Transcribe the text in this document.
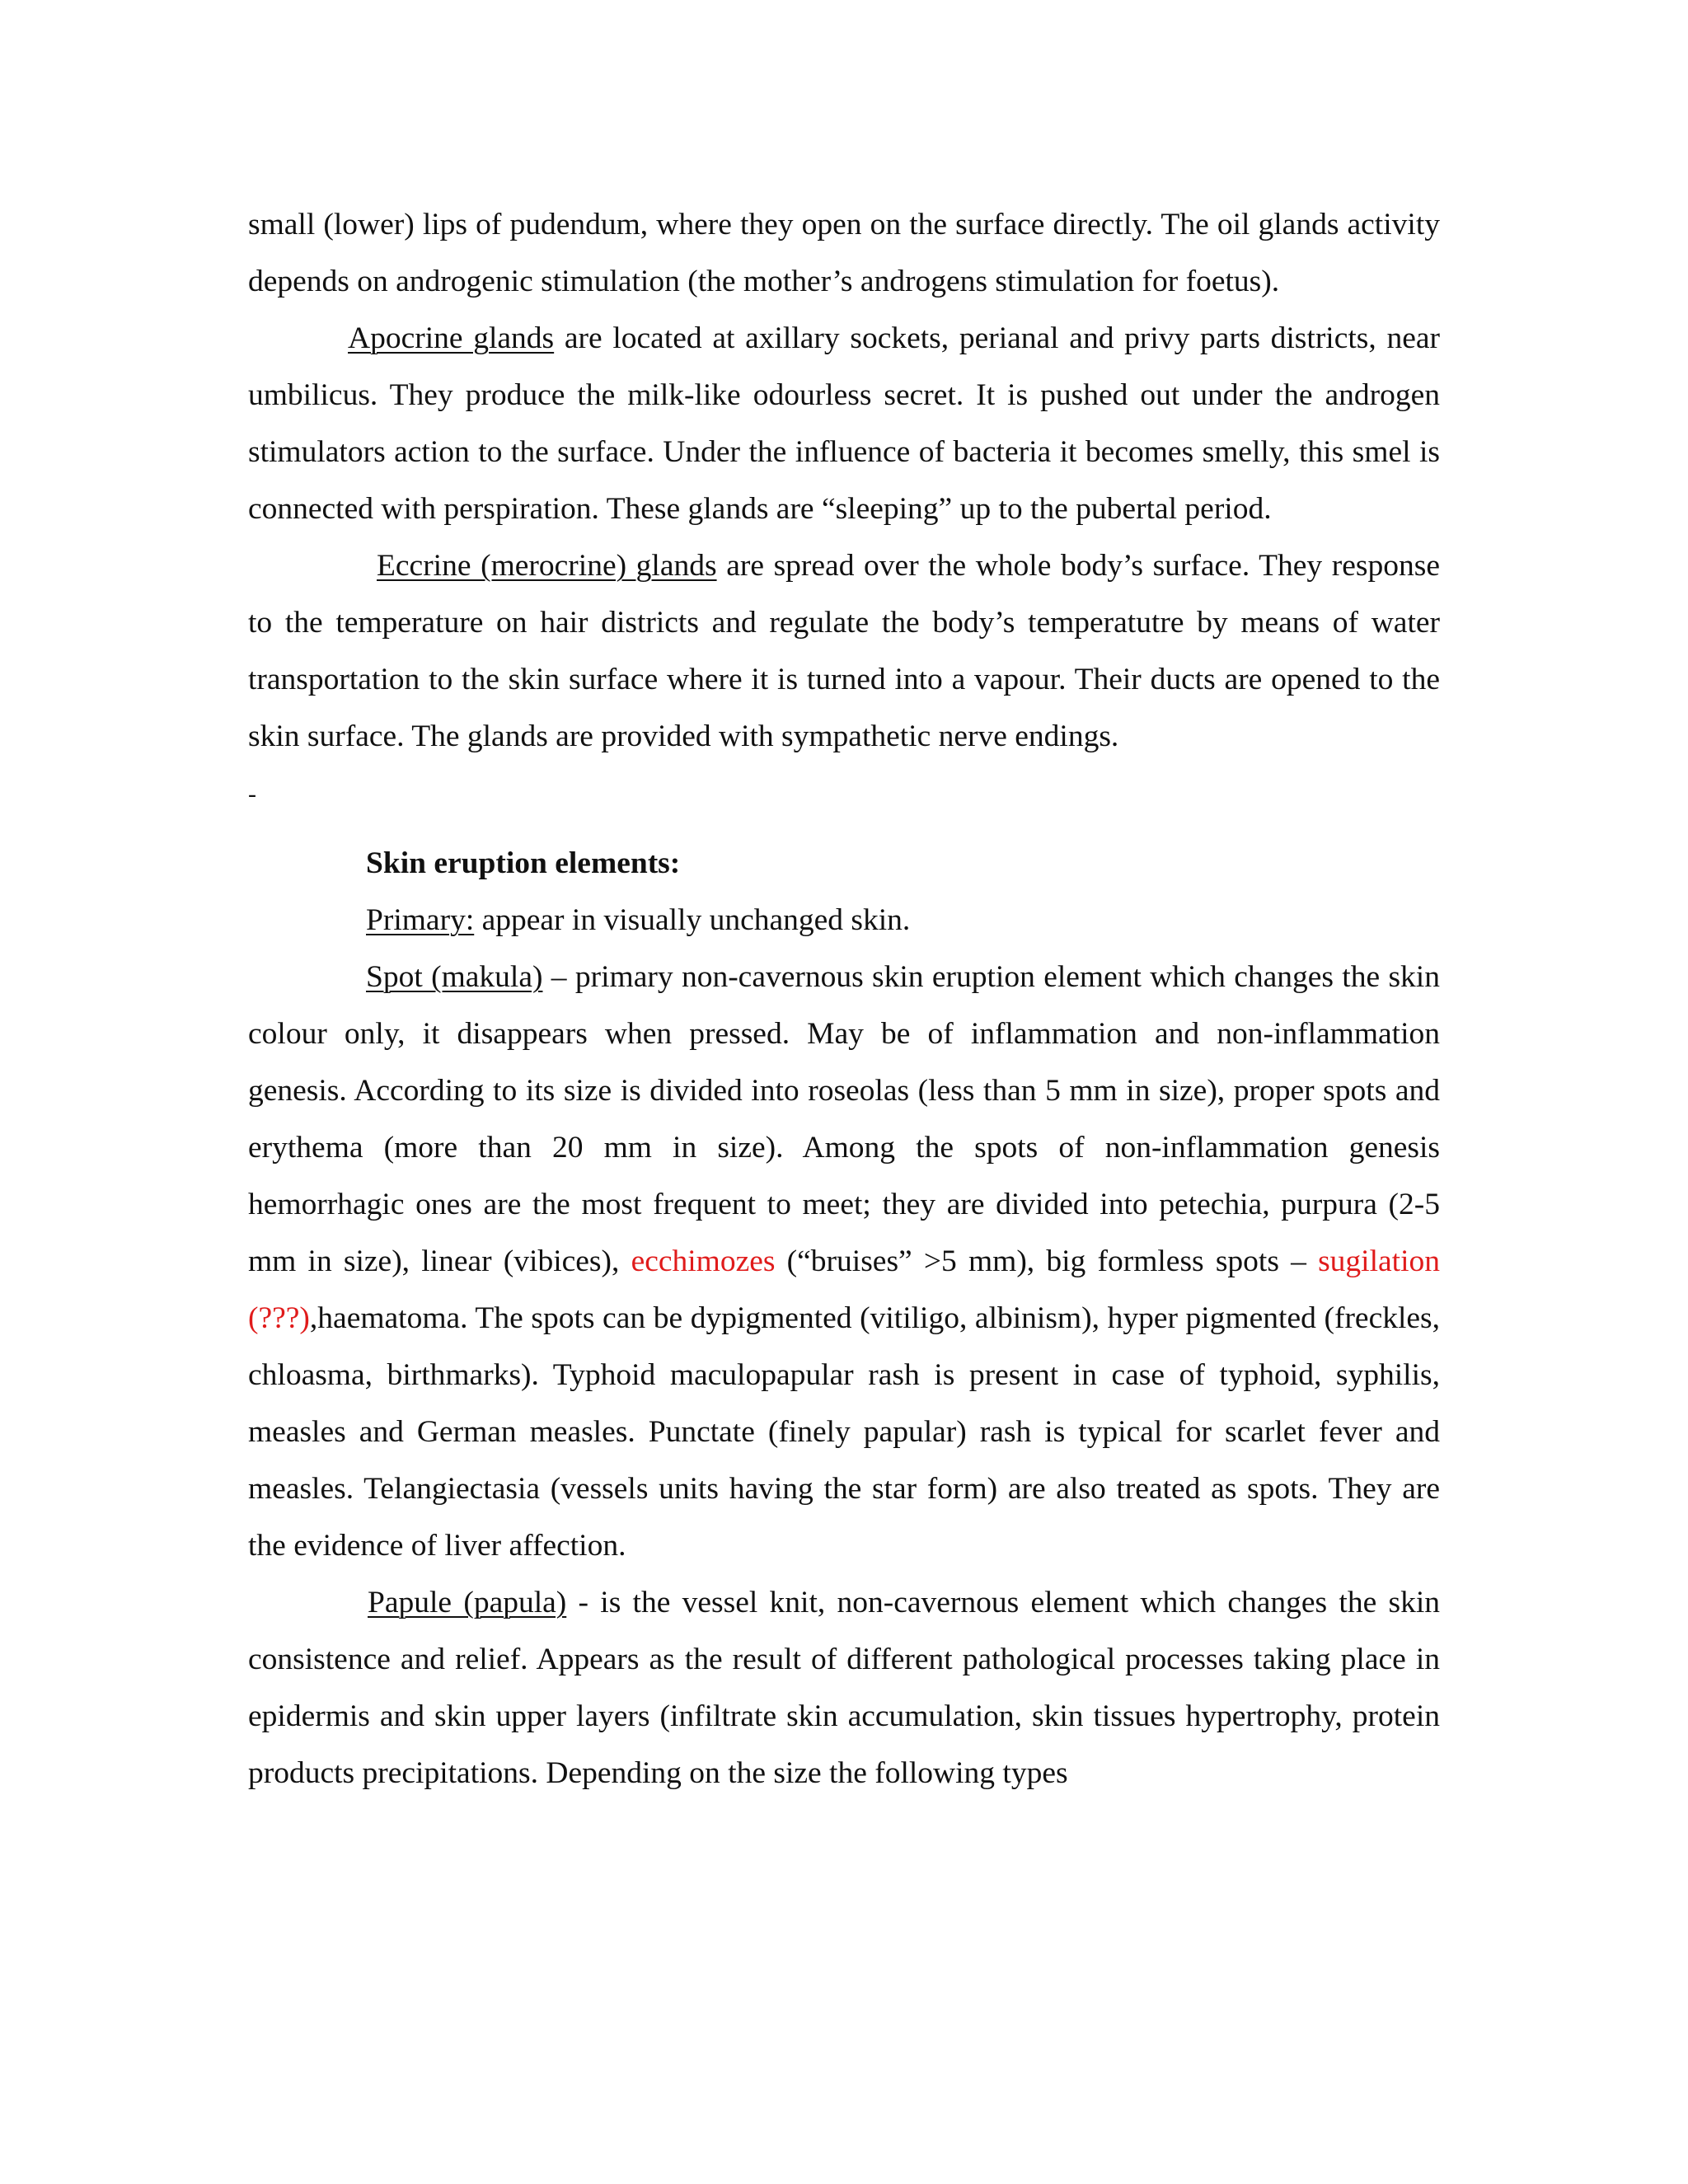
small (lower) lips of pudendum, where they open on the surface directly. The oil glands activity depends on androgenic stimulation (the mother’s androgens stimulation for foetus).

Apocrine glands are located at axillary sockets, perianal and privy parts districts, near umbilicus. They produce the milk-like odourless secret. It is pushed out under the androgen stimulators action to the surface. Under the influence of bacteria it becomes smelly, this smel is connected with perspiration. These glands are “sleeping” up to the pubertal period.

Eccrine (merocrine) glands are spread over the whole body’s surface. They response to the temperature on hair districts and regulate the body’s temperatutre by means of water transportation to the skin surface where it is turned into a vapour. Their ducts are opened to the skin surface. The glands are provided with sympathetic nerve endings.

-

Skin eruption elements:

Primary: appear in visually unchanged skin.

Spot (makula) – primary non-cavernous skin eruption element which changes the skin colour only, it disappears when pressed. May be of inflammation and non-inflammation genesis. According to its size is divided into roseolas (less than 5 mm in size), proper spots and erythema (more than 20 mm in size). Among the spots of non-inflammation genesis hemorrhagic ones are the most frequent to meet; they are divided into petechia, purpura (2-5 mm in size), linear (vibices), ecchimozes (“bruises” >5 mm), big formless spots – sugilation (???),haematoma. The spots can be dypigmented (vitiligo, albinism), hyper pigmented (freckles, chloasma, birthmarks). Typhoid maculopapular rash is present in case of typhoid, syphilis, measles and German measles. Punctate (finely papular) rash is typical for scarlet fever and measles. Telangiectasia (vessels units having the star form) are also treated as spots. They are the evidence of liver affection.

Papule (papula) - is the vessel knit, non-cavernous element which changes the skin consistence and relief. Appears as the result of different pathological processes taking place in epidermis and skin upper layers (infiltrate skin accumulation, skin tissues hypertrophy, protein products precipitations. Depending on the size the following types
